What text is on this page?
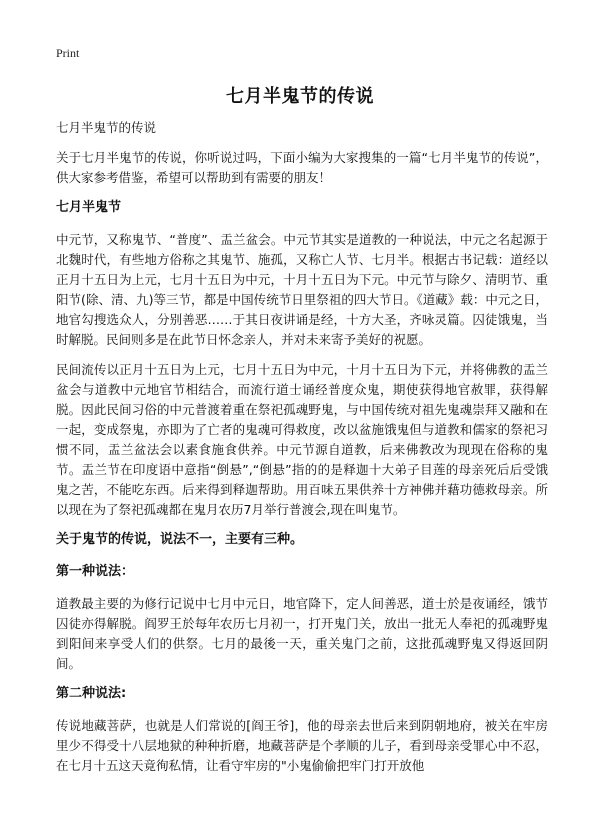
Print
七月半鬼节的传说
七月半鬼节的传说

关于七月半鬼节的传说，你听说过吗，下面小编为大家搜集的一篇“七月半鬼节的传说”，供大家参考借鉴，希望可以帮助到有需要的朋友！

七月半鬼节

中元节，又称鬼节、“普度”、盂兰盆会。中元节其实是道教的一种说法，中元之名起源于北魏时代，有些地方俗称之其鬼节、施孤，又称亡人节、七月半。根据古书记载：道经以正月十五日为上元，七月十五日为中元，十月十五日为下元。中元节与除夕、清明节、重阳节(除、清、九)等三节，都是中国传统节日里祭祖的四大节日。《道藏》载：中元之日，地官勾搜选众人，分别善恶……于其日夜讲诵是经，十方大圣，齐咏灵篇。囚徒饿鬼，当时解脱。民间则多是在此节日怀念亲人，并对未来寄予美好的祝愿。

民间流传以正月十五日为上元，七月十五日为中元，十月十五日为下元，并将佛教的盂兰盆会与道教中元地官节相结合，而流行道士诵经普度众鬼，期使获得地官赦罪，获得解脱。因此民间习俗的中元普渡着重在祭祀孤魂野鬼，与中国传统对祖先鬼魂崇拜又融和在一起，变成祭鬼，亦即为了亡者的鬼魂可得救度，改以盆施饿鬼但与道教和儒家的祭祀习惯不同，盂兰盆法会以素食施食供养。中元节源自道教，后来佛教改为现现在俗称的鬼节。盂兰节在印度语中意指“倒悬”,“倒悬”指的的是释迦十大弟子目莲的母亲死后后受饿鬼之苦，不能吃东西。后来得到释迦帮助。用百味五果供养十方神佛并藉功德救母亲。所以现在为了祭祀孤魂都在鬼月农历7月举行普渡会,现在叫鬼节。

关于鬼节的传说，说法不一，主要有三种。
第一种说法：

道教最主要的为修行记说中七月中元日，地官降下，定人间善恶，道士於是夜诵经，饿节囚徒亦得解脱。阎罗王於每年农历七月初一，打开鬼门关，放出一批无人奉祀的孤魂野鬼到阳间来享受人们的供祭。七月的最後一天，重关鬼门之前，这批孤魂野鬼又得返回阴间。

第二种说法:

传说地藏菩萨，也就是人们常说的[阎王爷]，他的母亲去世后来到阴朝地府，被关在牢房里少不得受十八层地狱的种种折磨，地藏菩萨是个孝顺的儿子，看到母亲受罪心中不忍，在七月十五这天竟徇私情，让看守牢房的"小鬼偷偷把牢门打开放他
